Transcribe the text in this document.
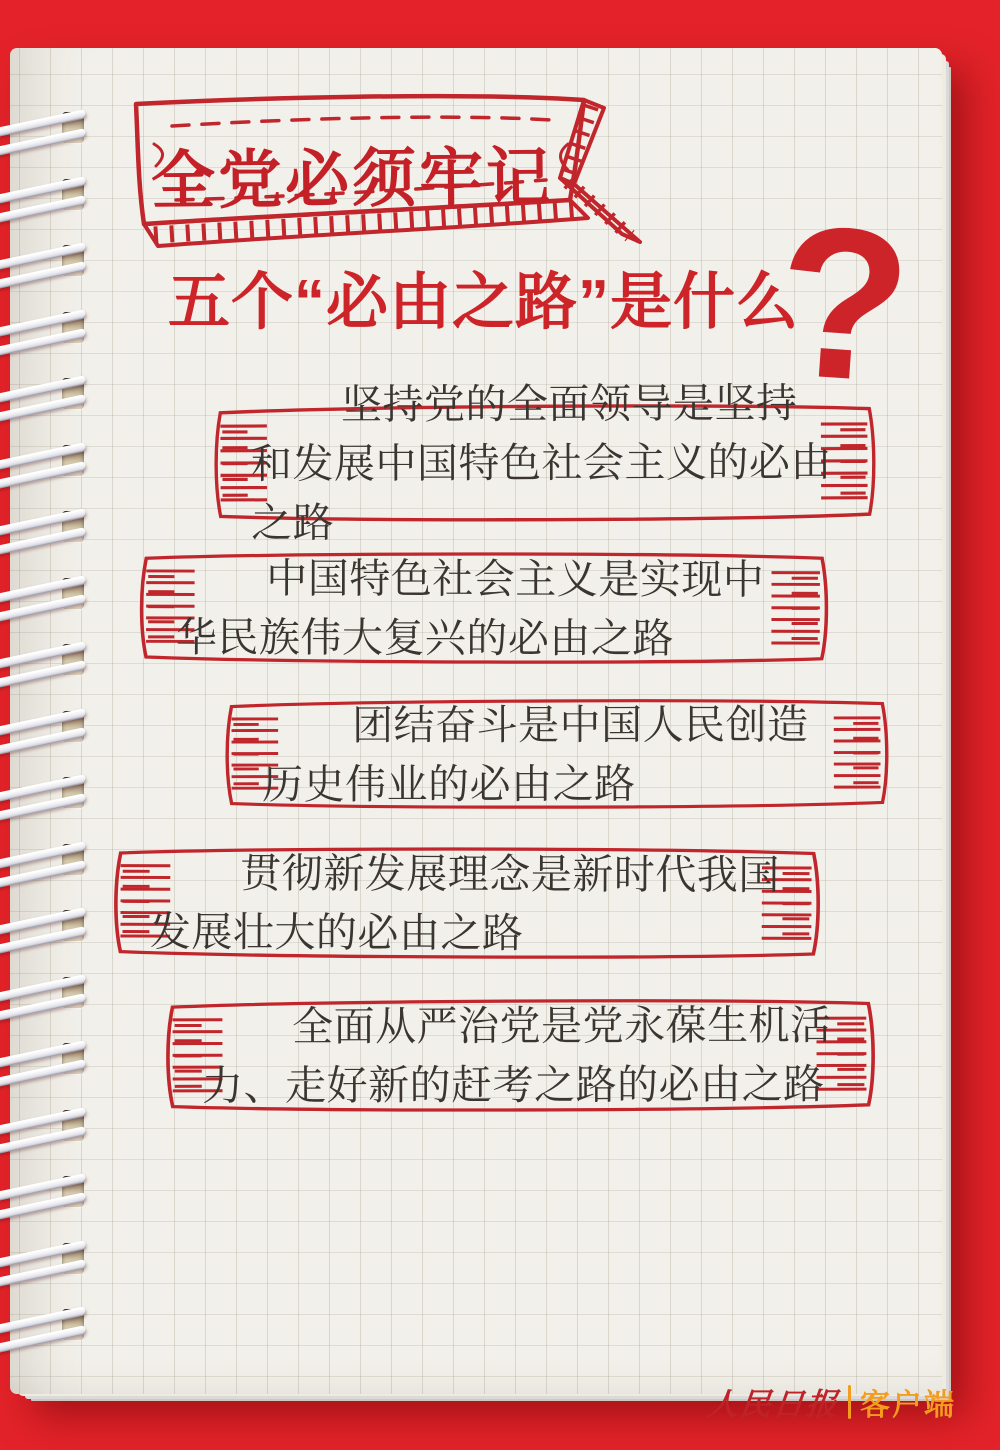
全党必须牢记
五个“必由之路”是什么
?

坚持党的全面领导是坚持和发展中国特色社会主义的必由之路

中国特色社会主义是实现中华民族伟大复兴的必由之路

团结奋斗是中国人民创造历史伟业的必由之路

贯彻新发展理念是新时代我国发展壮大的必由之路

全面从严治党是党永葆生机活力、走好新的赶考之路的必由之路

人民日报 客户端
